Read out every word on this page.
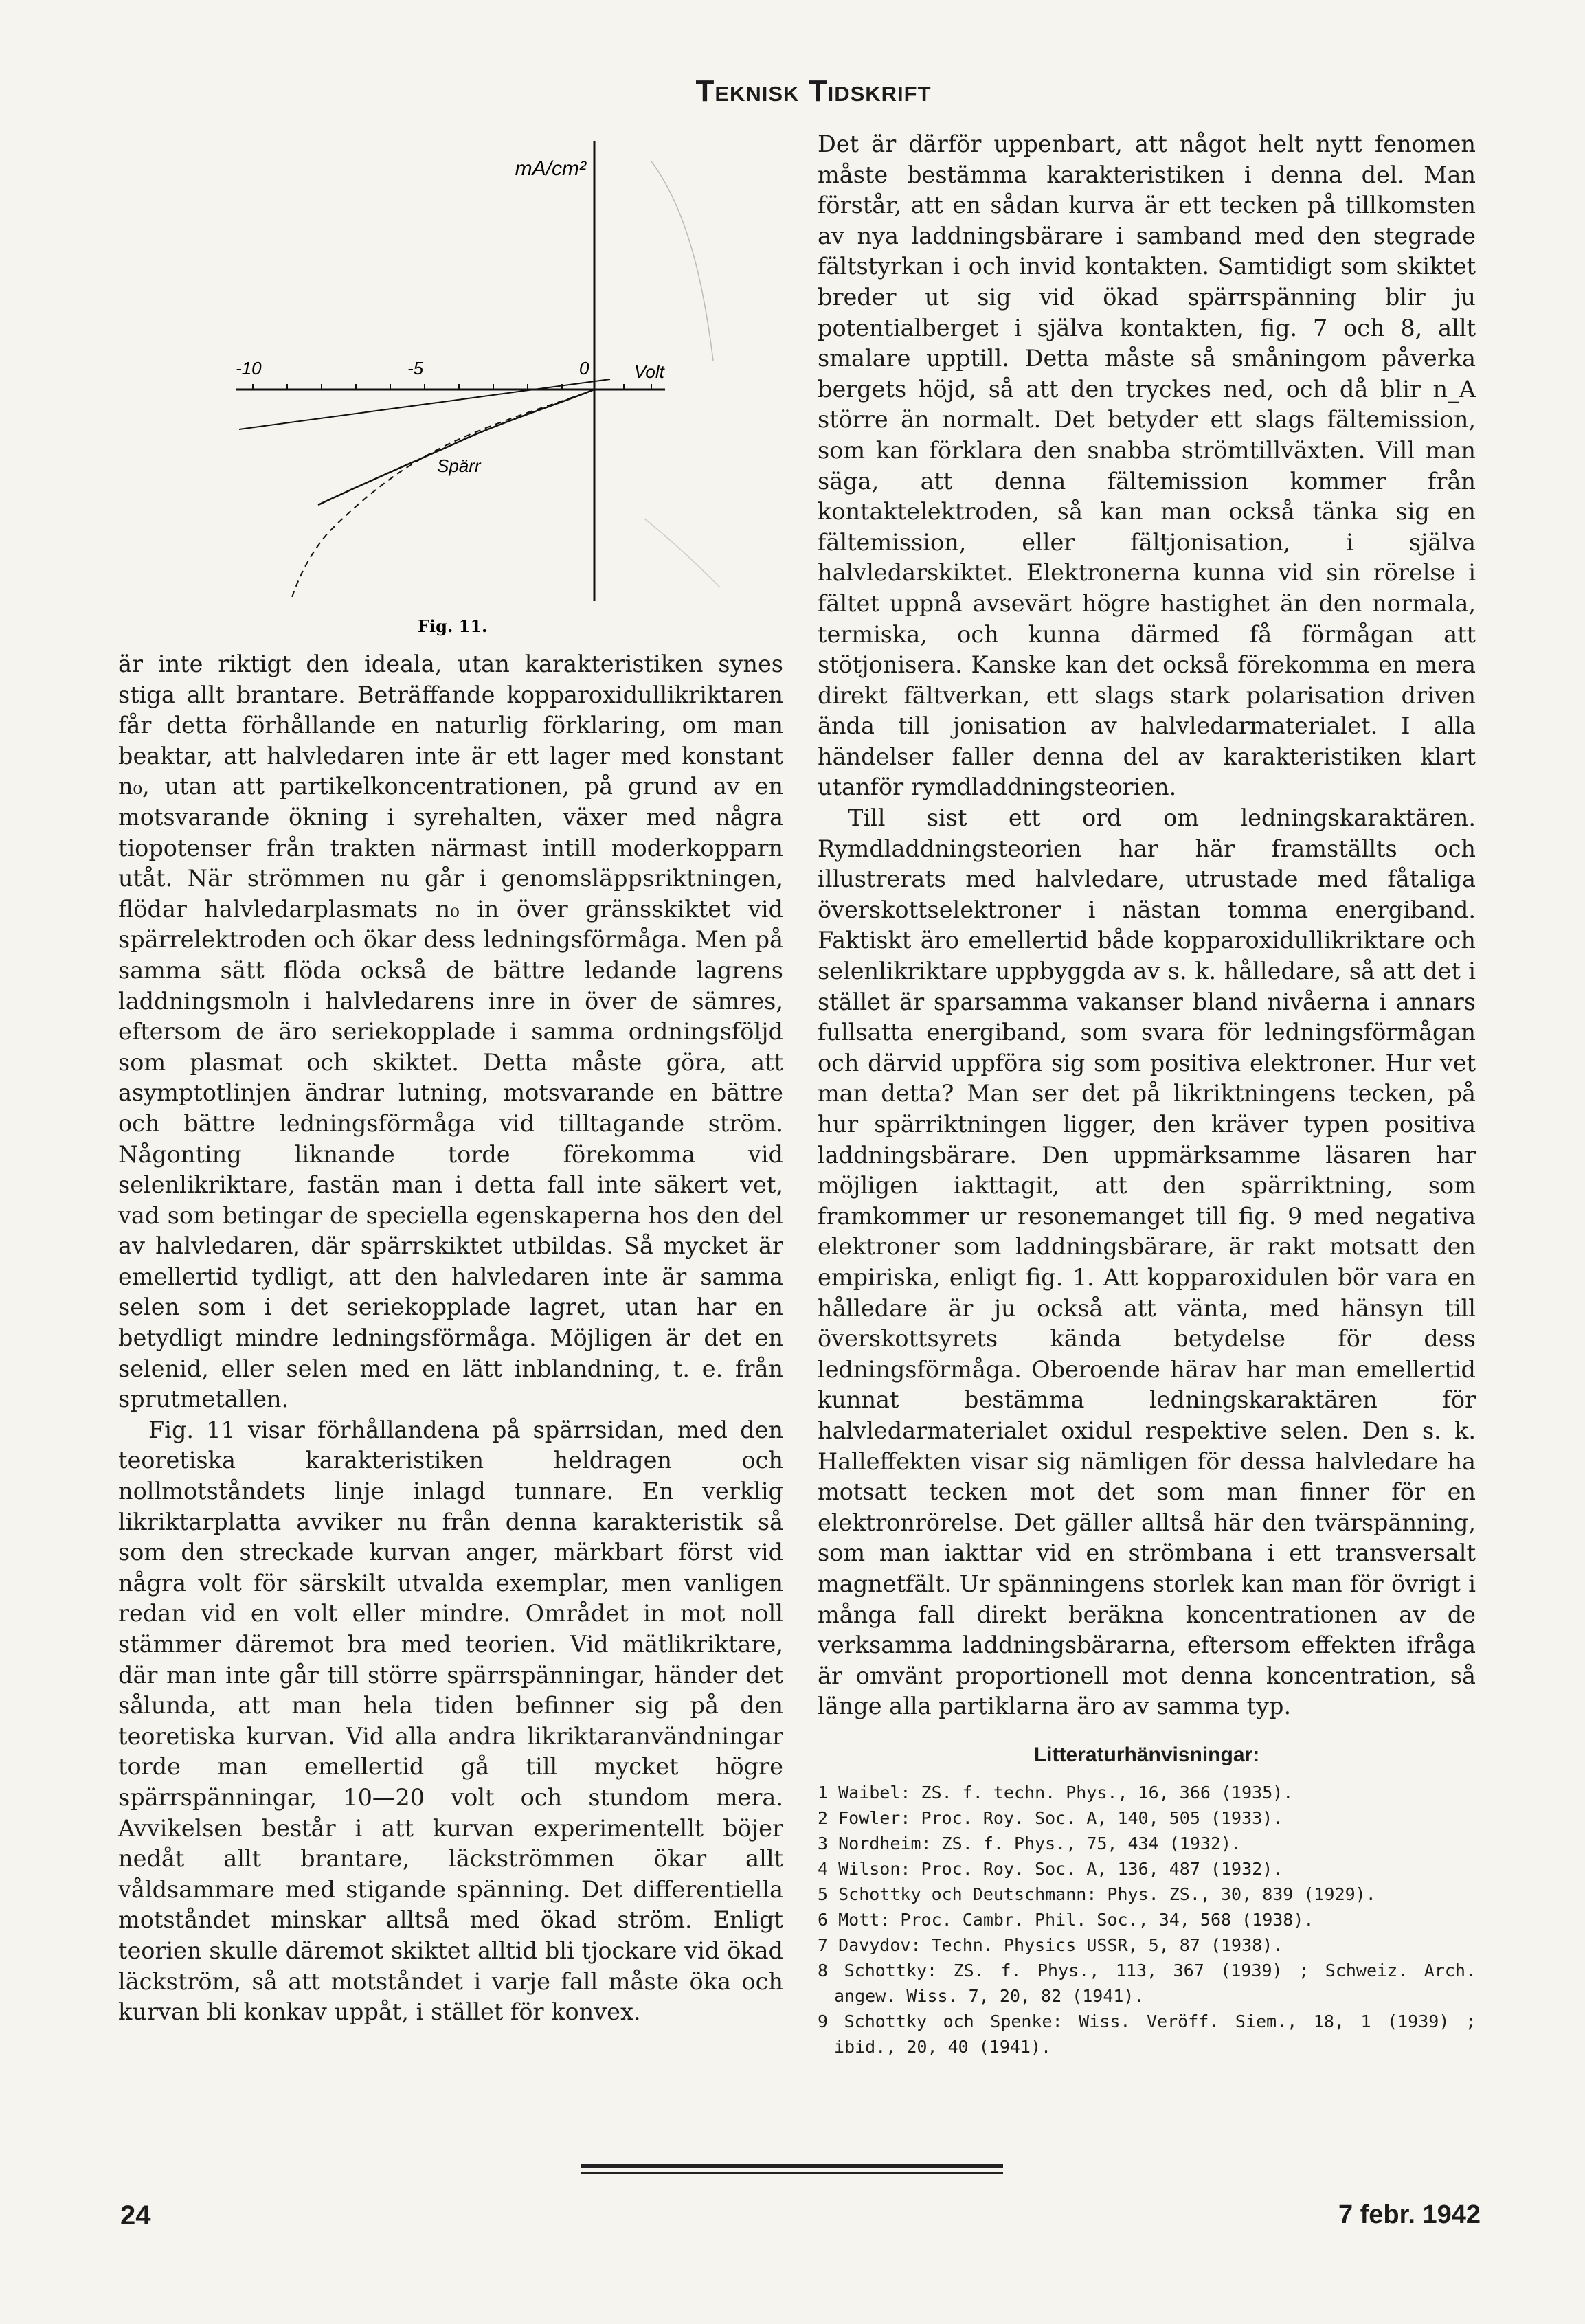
Teknisk Tidskrift
mA/cm²
Volt
-10	-5	0
Spärr
Fig. 11.

är inte riktigt den ideala, utan karakteristiken synes stiga allt brantare. Beträffande kopparoxidullikriktaren får detta förhållande en naturlig förklaring, om man beaktar, att halvledaren inte är ett lager med konstant n₀, utan att partikelkoncentrationen, på grund av en motsvarande ökning i syrehalten, växer med några tiopotenser från trakten närmast intill moderkopparn utåt. När strömmen nu går i genomsläppsriktningen, flödar halvledarplasmats n₀ in över gränsskiktet vid spärrelektroden och ökar dess ledningsförmåga. Men på samma sätt flöda också de bättre ledande lagrens laddningsmoln i halvledarens inre in över de sämres, eftersom de äro seriekopplade i samma ordningsföljd som plasmat och skiktet. Detta måste göra, att asymptotlinjen ändrar lutning, motsvarande en bättre och bättre ledningsförmåga vid tilltagande ström. Någonting liknande torde förekomma vid selenlikriktare, fastän man i detta fall inte säkert vet, vad som betingar de speciella egenskaperna hos den del av halvledaren, där spärrskiktet utbildas. Så mycket är emellertid tydligt, att den halvledaren inte är samma selen som i det seriekopplade lagret, utan har en betydligt mindre ledningsförmåga. Möjligen är det en selenid, eller selen med en lätt inblandning, t. e. från sprutmetallen.

Fig. 11 visar förhållandena på spärrsidan, med den teoretiska karakteristiken heldragen och nollmotståndets linje inlagd tunnare. En verklig likriktarplatta avviker nu från denna karakteristik så som den streckade kurvan anger, märkbart först vid några volt för särskilt utvalda exemplar, men vanligen redan vid en volt eller mindre. Området in mot noll stämmer däremot bra med teorien. Vid mätlikriktare, där man inte går till större spärrspänningar, händer det sålunda, att man hela tiden befinner sig på den teoretiska kurvan. Vid alla andra likriktaranvändningar torde man emellertid gå till mycket högre spärrspänningar, 10—20 volt och stundom mera. Avvikelsen består i att kurvan experimentellt böjer nedåt allt brantare, läckströmmen ökar allt våldsammare med stigande spänning. Det differentiella motståndet minskar alltså med ökad ström. Enligt teorien skulle däremot skiktet alltid bli tjockare vid ökad läckström, så att motståndet i varje fall måste öka och kurvan bli konkav uppåt, i stället för konvex.

Det är därför uppenbart, att något helt nytt fenomen måste bestämma karakteristiken i denna del. Man förstår, att en sådan kurva är ett tecken på tillkomsten av nya laddningsbärare i samband med den stegrade fältstyrkan i och invid kontakten. Samtidigt som skiktet breder ut sig vid ökad spärrspänning blir ju potentialberget i själva kontakten, fig. 7 och 8, allt smalare upptill. Detta måste så småningom påverka bergets höjd, så att den tryckes ned, och då blir n_A större än normalt. Det betyder ett slags fältemission, som kan förklara den snabba strömtillväxten. Vill man säga, att denna fältemission kommer från kontaktelektroden, så kan man också tänka sig en fältemission, eller fältjonisation, i själva halvledarskiktet. Elektronerna kunna vid sin rörelse i fältet uppnå avsevärt högre hastighet än den normala, termiska, och kunna därmed få förmågan att stötjonisera. Kanske kan det också förekomma en mera direkt fältverkan, ett slags stark polarisation driven ända till jonisation av halvledarmaterialet. I alla händelser faller denna del av karakteristiken klart utanför rymdladdningsteorien.

Till sist ett ord om ledningskaraktären. Rymdladdningsteorien har här framställts och illustrerats med halvledare, utrustade med fåtaliga överskottselektroner i nästan tomma energiband. Faktiskt äro emellertid både kopparoxidullikriktare och selenlikriktare uppbyggda av s. k. hålledare, så att det i stället är sparsamma vakanser bland nivåerna i annars fullsatta energiband, som svara för ledningsförmågan och därvid uppföra sig som positiva elektroner. Hur vet man detta? Man ser det på likriktningens tecken, på hur spärriktningen ligger, den kräver typen positiva laddningsbärare. Den uppmärksamme läsaren har möjligen iakttagit, att den spärriktning, som framkommer ur resonemanget till fig. 9 med negativa elektroner som laddningsbärare, är rakt motsatt den empiriska, enligt fig. 1. Att kopparoxidulen bör vara en hålledare är ju också att vänta, med hänsyn till överskottsyrets kända betydelse för dess ledningsförmåga. Oberoende härav har man emellertid kunnat bestämma ledningskaraktären för halvledarmaterialet oxidul respektive selen. Den s. k. Halleffekten visar sig nämligen för dessa halvledare ha motsatt tecken mot det som man finner för en elektronrörelse. Det gäller alltså här den tvärspänning, som man iakttar vid en strömbana i ett transversalt magnetfält. Ur spänningens storlek kan man för övrigt i många fall direkt beräkna koncentrationen av de verksamma laddningsbärarna, eftersom effekten ifråga är omvänt proportionell mot denna koncentration, så länge alla partiklarna äro av samma typ.

Litteraturhänvisningar:
1 Waibel: ZS. f. techn. Phys., 16, 366 (1935).
2 Fowler: Proc. Roy. Soc. A, 140, 505 (1933).
3 Nordheim: ZS. f. Phys., 75, 434 (1932).
4 Wilson: Proc. Roy. Soc. A, 136, 487 (1932).
5 Schottky och Deutschmann: Phys. ZS., 30, 839 (1929).
6 Mott: Proc. Cambr. Phil. Soc., 34, 568 (1938).
7 Davydov: Techn. Physics USSR, 5, 87 (1938).
8 Schottky: ZS. f. Phys., 113, 367 (1939) ; Schweiz. Arch. angew. Wiss. 7, 20, 82 (1941).
9 Schottky och Spenke: Wiss. Veröff. Siem., 18, 1 (1939) ; ibid., 20, 40 (1941).
24	7 febr. 1942
